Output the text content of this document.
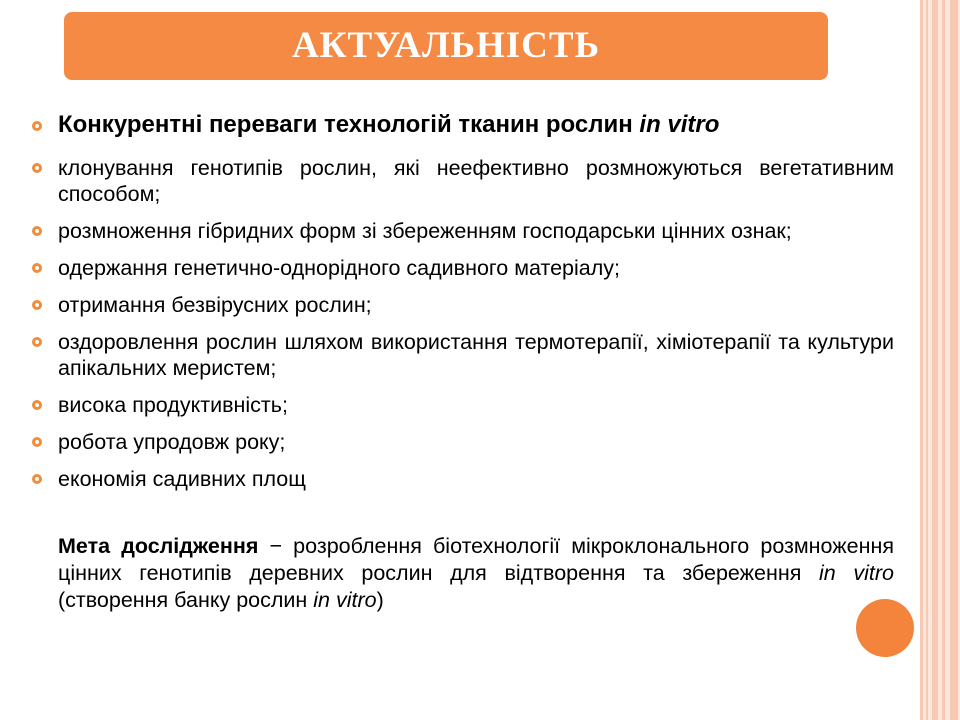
АКТУАЛЬНІСТЬ
Конкурентні переваги технологій тканин рослин in vitro
клонування генотипів рослин, які неефективно розмножуються вегетативним способом;
розмноження гібридних форм зі збереженням господарськи цінних ознак;
одержання генетично-однорідного садивного матеріалу;
отримання безвірусних рослин;
оздоровлення рослин шляхом використання термотерапії, хіміотерапії та культури апікальних меристем;
висока продуктивність;
робота упродовж року;
економія садивних площ
Мета дослідження − розроблення біотехнології мікроклонального розмноження цінних генотипів деревних рослин для відтворення та збереження in vitro (створення банку рослин in vitro)
